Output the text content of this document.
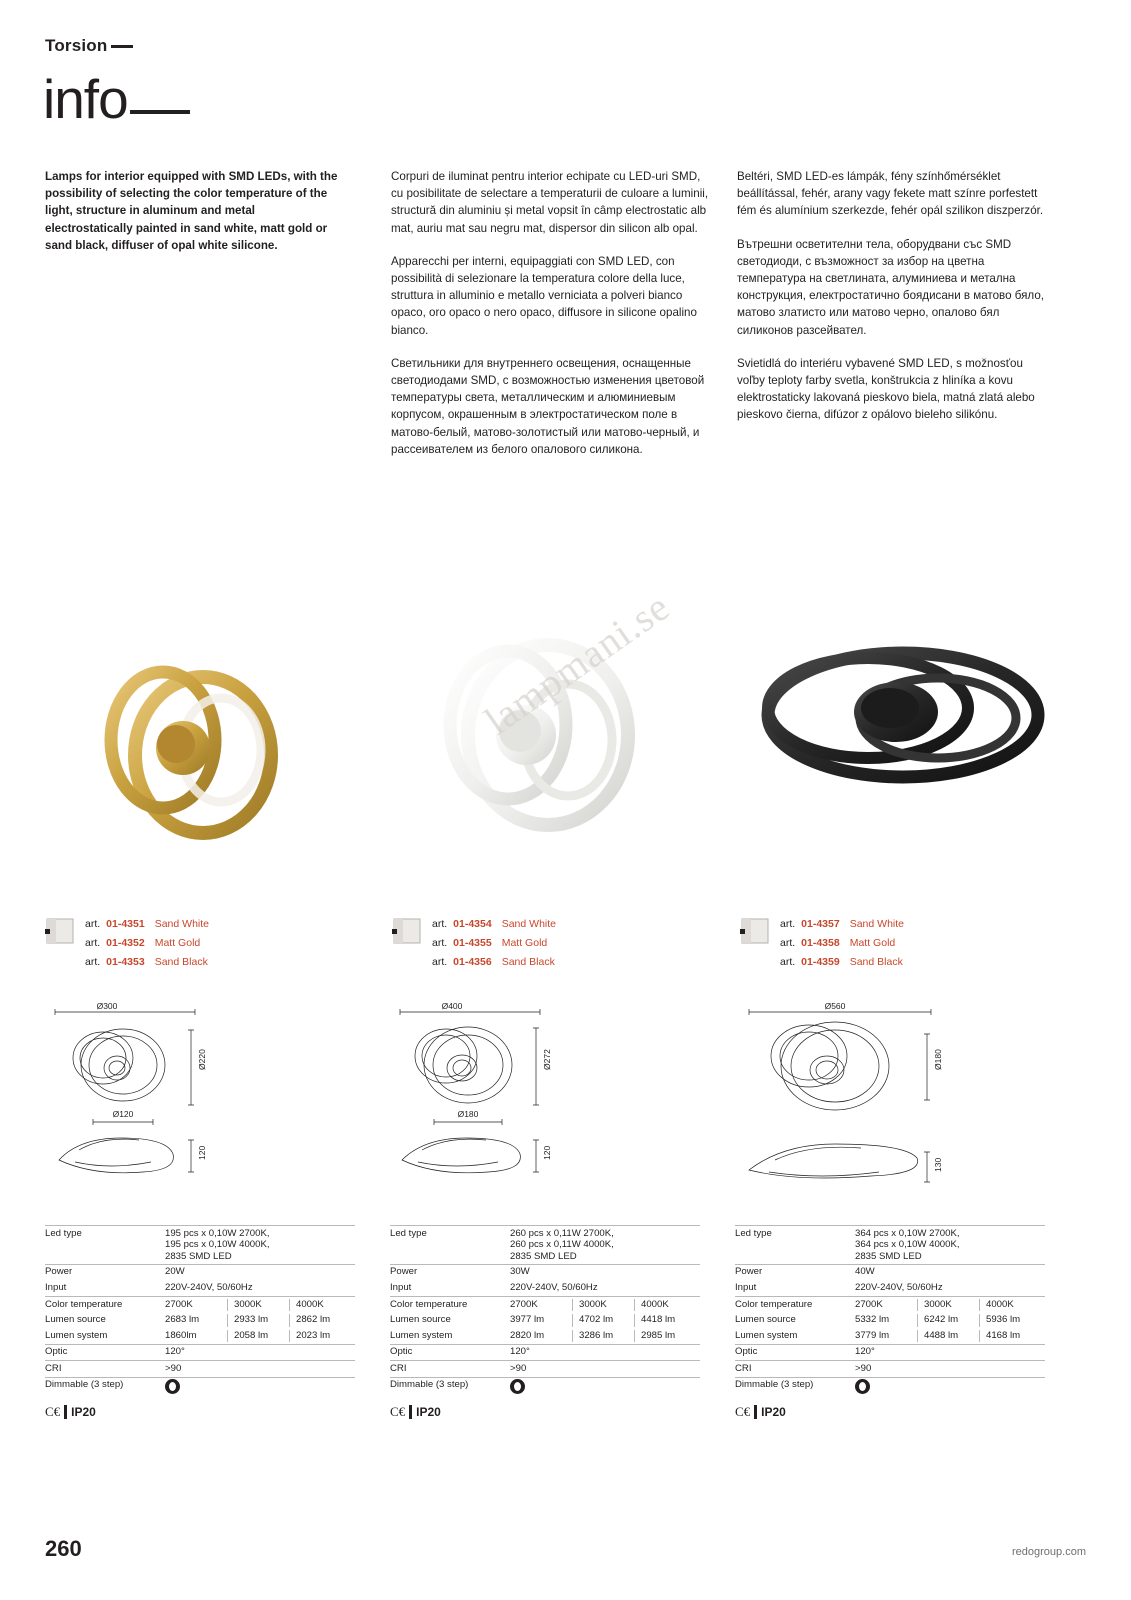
Torsion
info

Lamps for interior equipped with SMD LEDs, with the possibility of selecting the color temperature of the light, structure in aluminum and metal electrostatically painted in sand white, matt gold or sand black, diffuser of opal white silicone.

Corpuri de iluminat pentru interior echipate cu LED-uri SMD, cu posibilitate de selectare a temperaturii de culoare a luminii, structură din aluminiu și metal vopsit în câmp electrostatic alb mat, auriu mat sau negru mat, dispersor din silicon alb opal.

Apparecchi per interni, equipaggiati con SMD LED, con possibilità di selezionare la temperatura colore della luce, struttura in alluminio e metallo verniciata a polveri bianco opaco, oro opaco o nero opaco, diffusore in silicone opalino bianco.

Светильники для внутреннего освещения, оснащенные светодиодами SMD, с возможностью изменения цветовой температуры света, металлическим и алюминиевым корпусом, окрашенным в электростатическом поле в матово-белый, матово-золотистый или матово-черный, и рассеивателем из белого опалового силикона.

Beltéri, SMD LED-es lámpák, fény színhőmérséklet beállítással, fehér, arany vagy fekete matt színre porfestett fém és alumínium szerkezde, fehér opál szilikon diszperzór.

Вътрешни осветителни тела, оборудвани със SMD светодиоди, с възможност за избор на цветна температура на светлината, алуминиева и метална конструкция, електростатично боядисани в матово бяло, матово златисто или матово черно, опалово бял силиконов разсейвател.

Svietidlá do interiéru vybavené SMD LED, s možnosťou voľby teploty farby svetla, konštrukcia z hliníka a kovu elektrostaticky lakovaná pieskovo biela, matná zlatá alebo pieskovo čierna, difúzor z opálovo bieleho silikónu.

lampmani.se
art. 01-4351 Sand White
art. 01-4352 Matt Gold
art. 01-4353 Sand Black
art. 01-4354 Sand White
art. 01-4355 Matt Gold
art. 01-4356 Sand Black
art. 01-4357 Sand White
art. 01-4358 Matt Gold
art. 01-4359 Sand Black
Ø300
Ø220
Ø120
120
Ø400
Ø272
Ø180
120
Ø560
Ø180
130

Led type	195 pcs x 0,10W 2700K,
195 pcs x 0,10W 4000K,
2835 SMD LED

Power	20W
Input	220V-240V, 50/60Hz

Color temperature	2700K 3000K 4000K
Lumen source	2683 lm 2933 lm 2862 lm
Lumen system	1860lm 2058 lm 2023 lm

Optic	120°

CRI	>90

Dimmable (3 step)	
C€ IP20

Led type	260 pcs x 0,11W 2700K,
260 pcs x 0,11W 4000K,
2835 SMD LED

Power	30W
Input	220V-240V, 50/60Hz

Color temperature	2700K 3000K 4000K
Lumen source	3977 lm 4702 lm 4418 lm
Lumen system	2820 lm 3286 lm 2985 lm

Optic	120°

CRI	>90

Dimmable (3 step)	
C€ IP20

Led type	364 pcs x 0,10W 2700K,
364 pcs x 0,10W 4000K,
2835 SMD LED

Power	40W
Input	220V-240V, 50/60Hz

Color temperature	2700K 3000K 4000K
Lumen source	5332 lm 6242 lm 5936 lm
Lumen system	3779 lm 4488 lm 4168 lm

Optic	120°

CRI	>90

Dimmable (3 step)	
C€ IP20
260	redogroup.com
